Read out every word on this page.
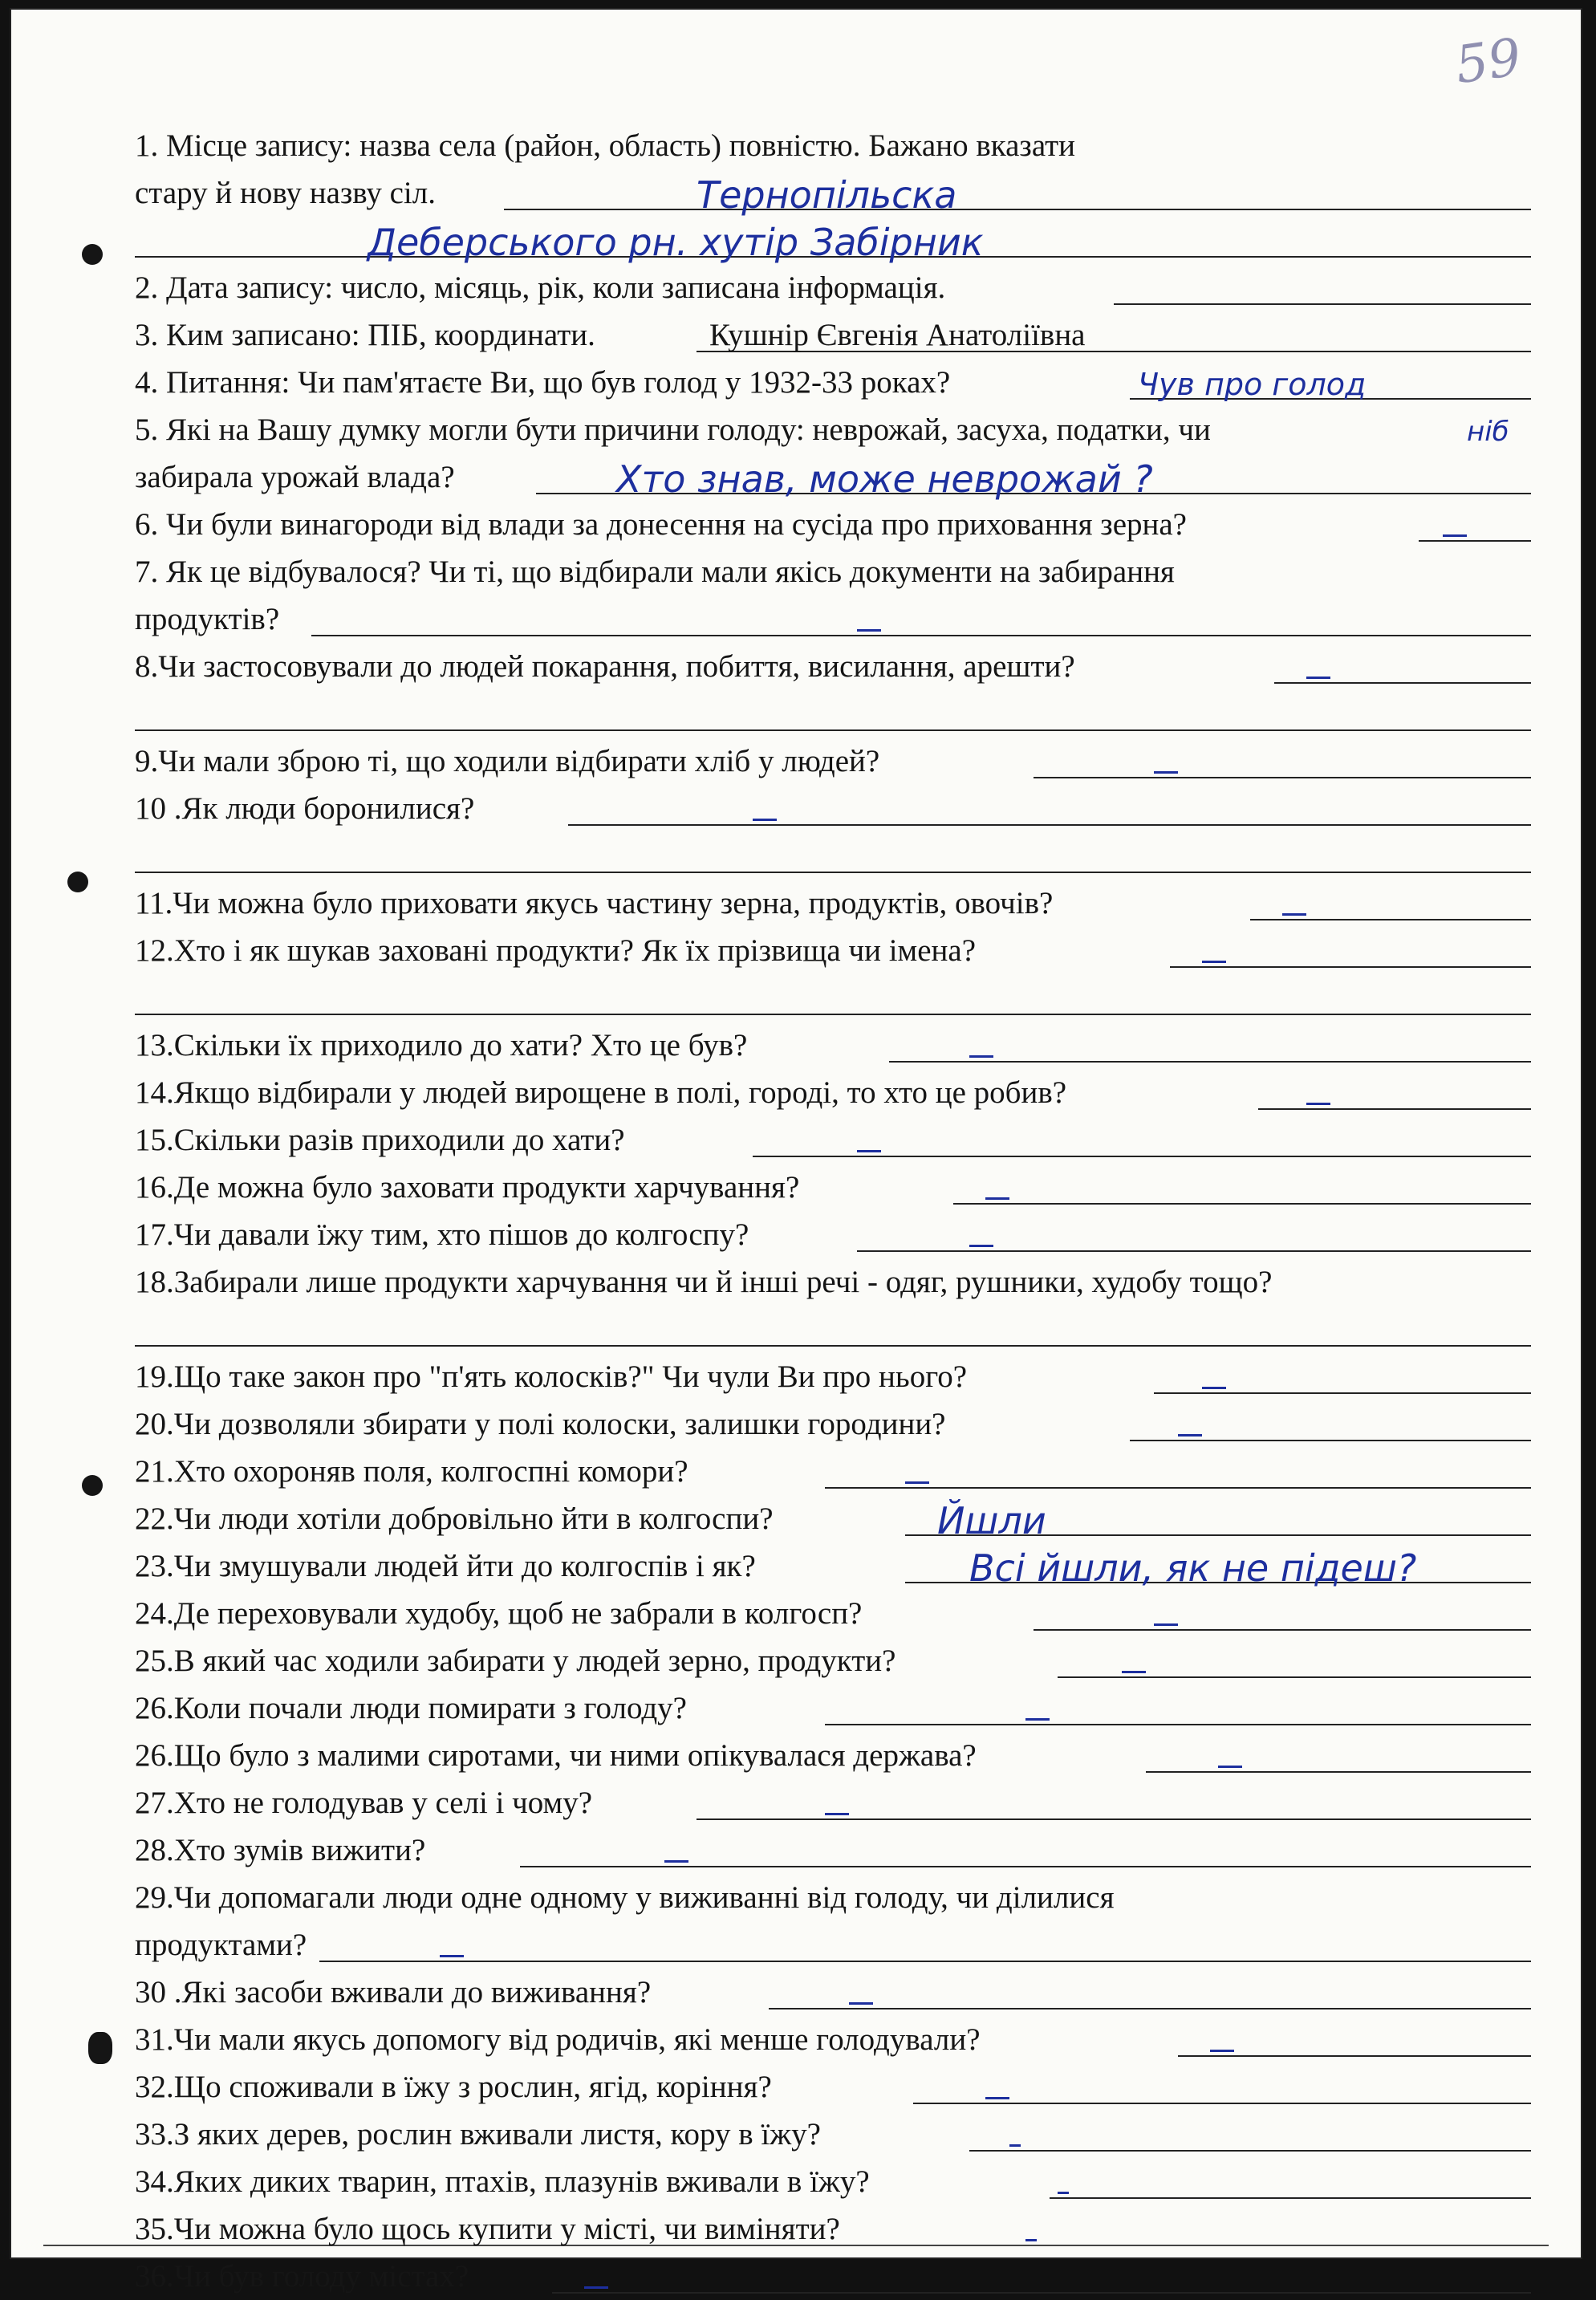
59
1. Місце запису: назва села (район, область) повністю. Бажано вказати
стару й нову назву сіл.	Тернопільска
Деберського рн. хутір Забірник
2. Дата запису: число, місяць, рік, коли записана інформація.
3. Ким записано: ПІБ, координати.	Кушнір Євгенія Анатоліївна
4. Питання: Чи пам'ятаєте Ви, що був голод у 1932-33 роках?	Чув про голод
5. Які на Вашу думку могли бути причини голоду: неврожай, засуха, податки, чи	ніб
забирала урожай влада?	Хто знав, може неврожай ?
6. Чи були винагороди від влади за донесення на сусіда про приховання зерна?
7. Як це відбувалося? Чи ті, що відбирали мали якісь документи на забирання
продуктів?
8.Чи застосовували до людей покарання, побиття, висилання, арешти?
9.Чи мали зброю ті, що ходили відбирати хліб у людей?
10 .Як люди боронилися?
11.Чи можна було приховати якусь частину зерна, продуктів, овочів?
12.Хто і як шукав заховані продукти? Як їх прізвища чи імена?
13.Скільки їх приходило до хати? Хто це був?
14.Якщо відбирали у людей вирощене в полі, городі, то хто це робив?
15.Скільки разів приходили до хати?
16.Де можна було заховати продукти харчування?
17.Чи давали їжу тим, хто пішов до колгоспу?
18.Забирали лише продукти харчування чи й інші речі - одяг, рушники, худобу тощо?
19.Що таке закон про "п'ять колосків?" Чи чули Ви про нього?
20.Чи дозволяли збирати у полі колоски, залишки городини?
21.Хто охороняв поля, колгоспні комори?
22.Чи люди хотіли добровільно йти в колгоспи?	Йшли
23.Чи змушували людей йти до колгоспів і як?	Всі йшли, як не підеш?
24.Де переховували худобу, щоб не забрали в колгосп?
25.В який час ходили забирати у людей зерно, продукти?
26.Коли почали люди помирати з голоду?
26.Що було з малими сиротами, чи ними опікувалася держава?
27.Хто не голодував у селі і чому?
28.Хто зумів вижити?
29.Чи допомагали люди одне одному у виживанні від голоду, чи ділилися
продуктами?
30 .Які засоби вживали до виживання?
31.Чи мали якусь допомогу від родичів, які менше голодували?
32.Що споживали в їжу з рослин, ягід, коріння?
33.З яких дерев, рослин вживали листя, кору в їжу?
34.Яких диких тварин, птахів, плазунів вживали в їжу?
35.Чи можна було щось купити у місті, чи виміняти?
36.Чи був голоду містах?
